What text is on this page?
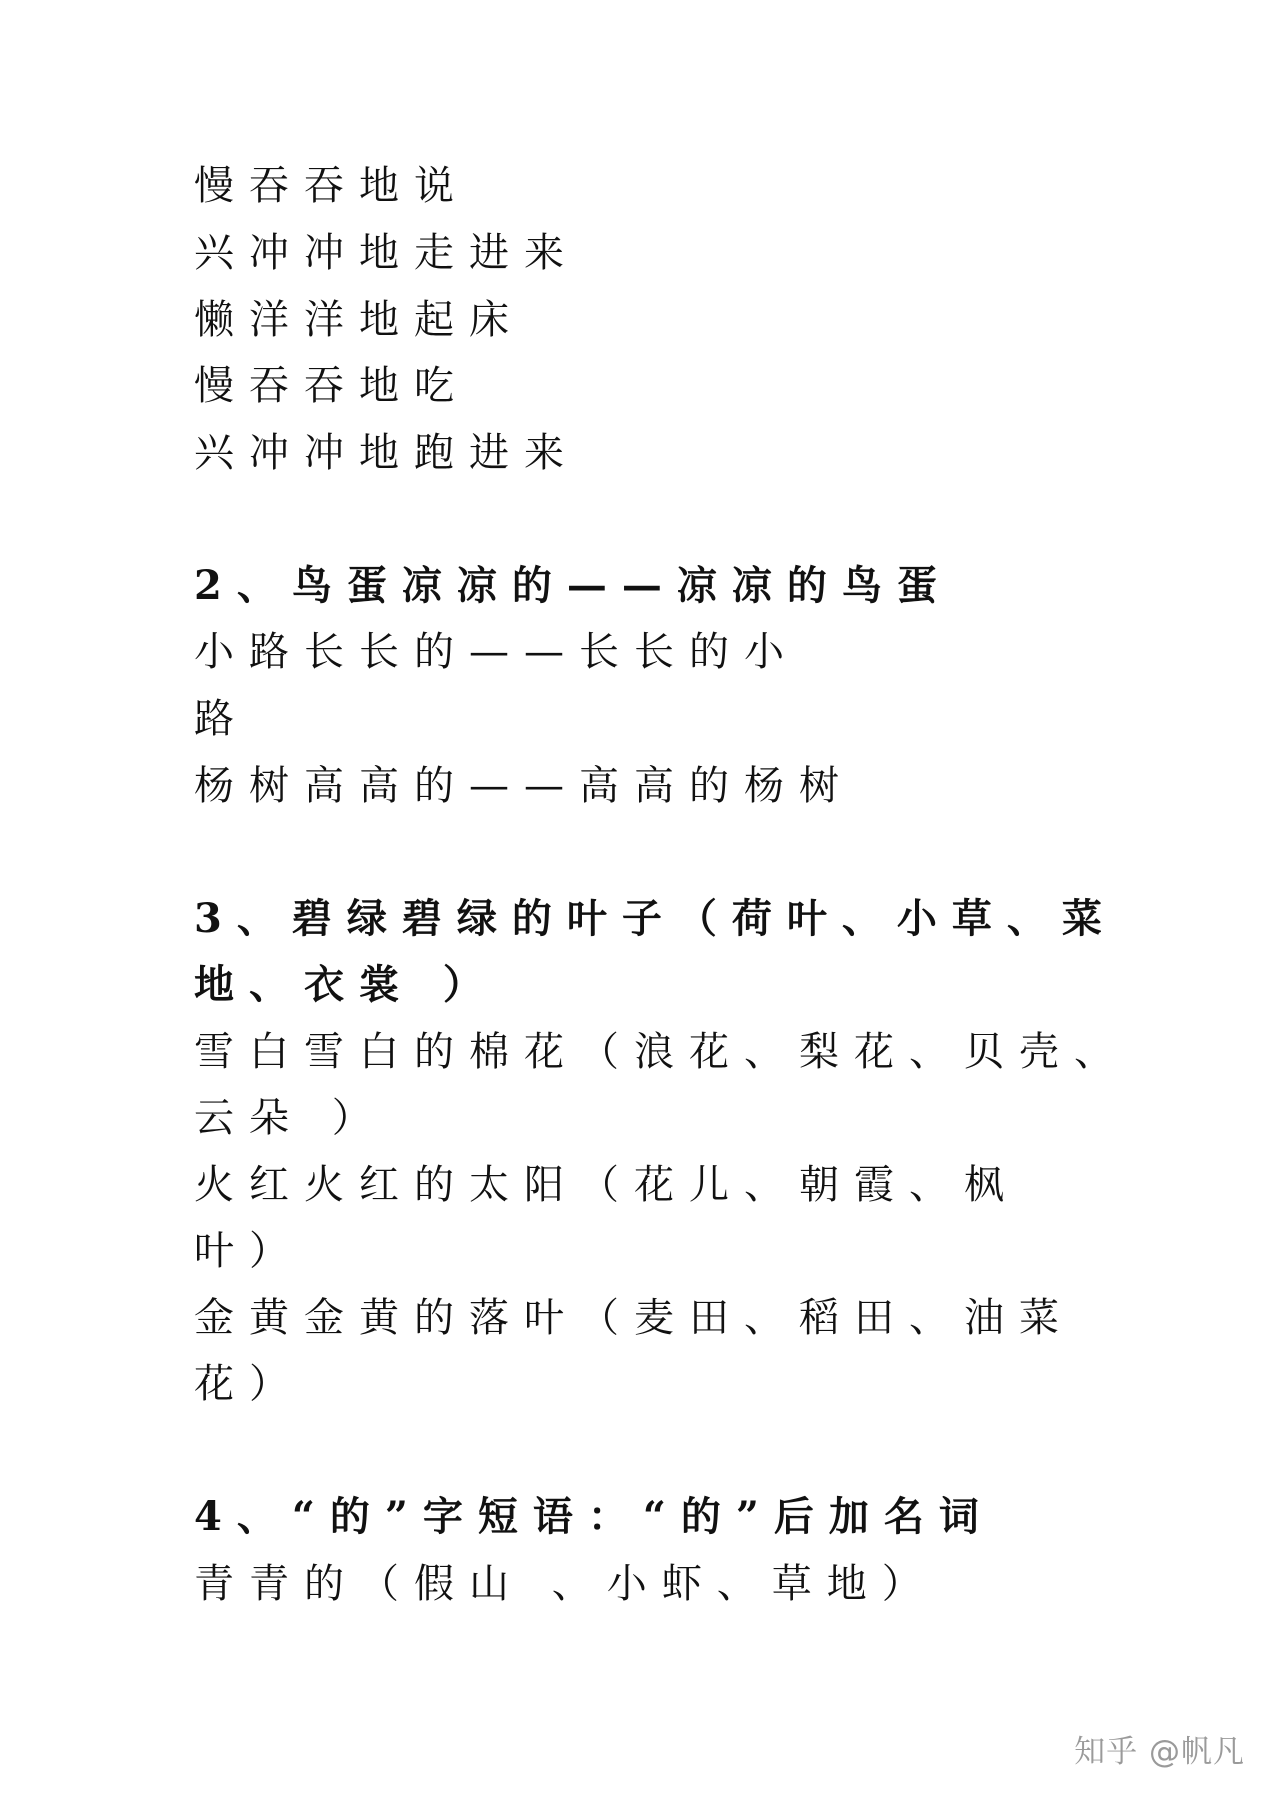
慢吞吞地说

兴冲冲地走进来

懒洋洋地起床

慢吞吞地吃

兴冲冲地跑进来

2、鸟蛋凉凉的——凉凉的鸟蛋

小路长长的——长长的小

路

杨树高高的——高高的杨树

3、碧绿碧绿的叶子（荷叶、小草、菜

地、衣裳 ）

雪白雪白的棉花（浪花、梨花、贝壳、

云朵 ）

火红火红的太阳（花儿、朝霞、枫

叶）

金黄金黄的落叶（麦田、稻田、油菜

花）

4、“的”字短语：“的”后加名词

青青的（假山 、小虾、草地）

知乎 @帆凡
